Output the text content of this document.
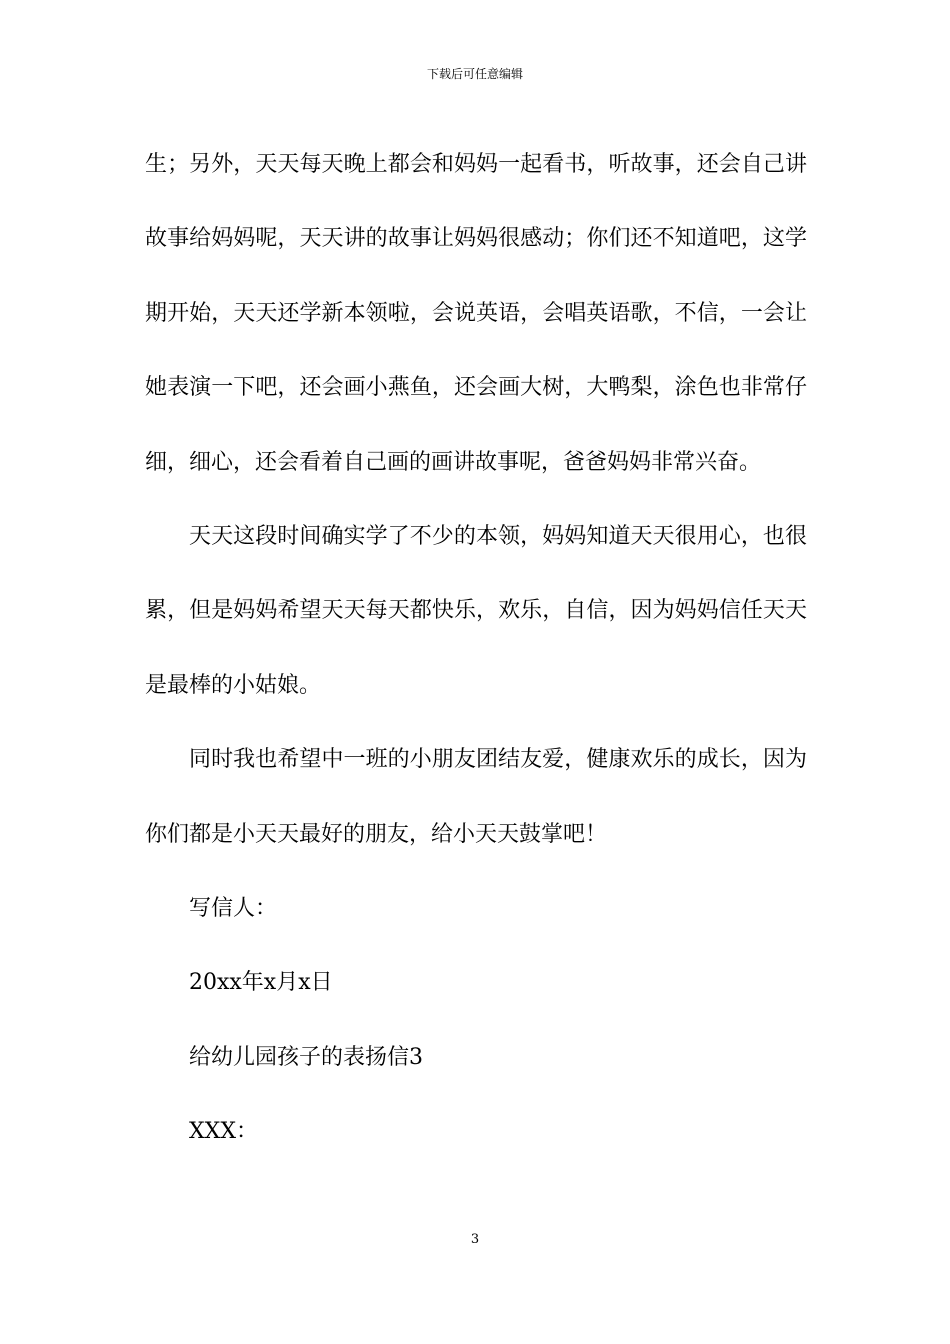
下载后可任意编辑

生；另外，天天每天晚上都会和妈妈一起看书，听故事，还会自己讲故事给妈妈呢，天天讲的故事让妈妈很感动；你们还不知道吧，这学期开始，天天还学新本领啦，会说英语，会唱英语歌，不信，一会让她表演一下吧，还会画小燕鱼，还会画大树，大鸭梨，涂色也非常仔细，细心，还会看着自己画的画讲故事呢，爸爸妈妈非常兴奋。

天天这段时间确实学了不少的本领，妈妈知道天天很用心，也很累，但是妈妈希望天天每天都快乐，欢乐，自信，因为妈妈信任天天是最棒的小姑娘。

同时我也希望中一班的小朋友团结友爱，健康欢乐的成长，因为你们都是小天天最好的朋友，给小天天鼓掌吧！

写信人：

20xx年x月x日

给幼儿园孩子的表扬信3

XXX：

3
